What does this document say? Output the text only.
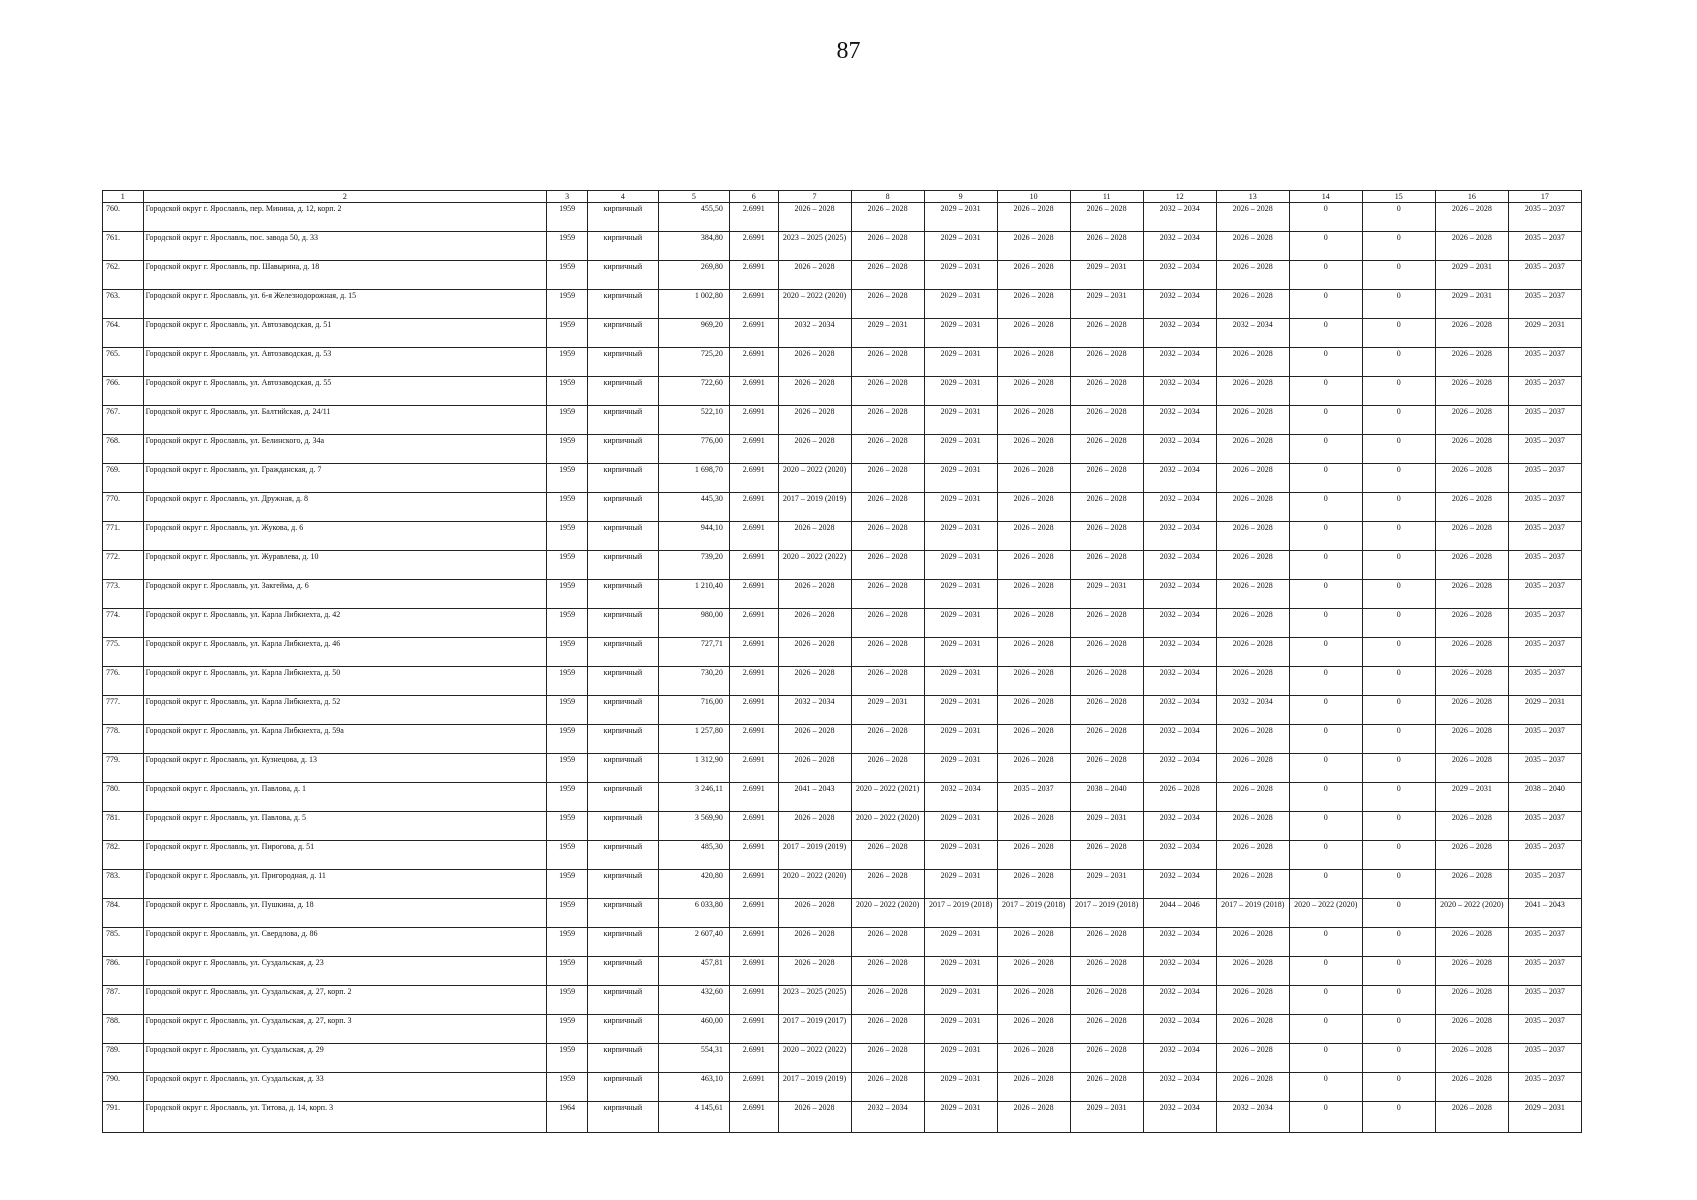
87
1	2	3	4	5	6	7	8	9	10	11	12	13	14	15	16	17
760.	Городской округ г. Ярославль, пер. Минина, д. 12, корп. 2	1959	кирпичный	455,50	2.6991	2026 – 2028	2026 – 2028	2029 – 2031	2026 – 2028	2026 – 2028	2032 – 2034	2026 – 2028	0	0	2026 – 2028	2035 – 2037
761.	Городской округ г. Ярославль, пос. завода 50, д. 33	1959	кирпичный	384,80	2.6991	2023 – 2025 (2025)	2026 – 2028	2029 – 2031	2026 – 2028	2026 – 2028	2032 – 2034	2026 – 2028	0	0	2026 – 2028	2035 – 2037
762.	Городской округ г. Ярославль, пр. Шавырина, д. 18	1959	кирпичный	269,80	2.6991	2026 – 2028	2026 – 2028	2029 – 2031	2026 – 2028	2029 – 2031	2032 – 2034	2026 – 2028	0	0	2029 – 2031	2035 – 2037
763.	Городской округ г. Ярославль, ул. 6-я Железнодорожная, д. 15	1959	кирпичный	1 002,80	2.6991	2020 – 2022 (2020)	2026 – 2028	2029 – 2031	2026 – 2028	2029 – 2031	2032 – 2034	2026 – 2028	0	0	2029 – 2031	2035 – 2037
764.	Городской округ г. Ярославль, ул. Автозаводская, д. 51	1959	кирпичный	969,20	2.6991	2032 – 2034	2029 – 2031	2029 – 2031	2026 – 2028	2026 – 2028	2032 – 2034	2032 – 2034	0	0	2026 – 2028	2029 – 2031
765.	Городской округ г. Ярославль, ул. Автозаводская, д. 53	1959	кирпичный	725,20	2.6991	2026 – 2028	2026 – 2028	2029 – 2031	2026 – 2028	2026 – 2028	2032 – 2034	2026 – 2028	0	0	2026 – 2028	2035 – 2037
766.	Городской округ г. Ярославль, ул. Автозаводская, д. 55	1959	кирпичный	722,60	2.6991	2026 – 2028	2026 – 2028	2029 – 2031	2026 – 2028	2026 – 2028	2032 – 2034	2026 – 2028	0	0	2026 – 2028	2035 – 2037
767.	Городской округ г. Ярославль, ул. Балтийская, д. 24/11	1959	кирпичный	522,10	2.6991	2026 – 2028	2026 – 2028	2029 – 2031	2026 – 2028	2026 – 2028	2032 – 2034	2026 – 2028	0	0	2026 – 2028	2035 – 2037
768.	Городской округ г. Ярославль, ул. Белинского, д. 34а	1959	кирпичный	776,00	2.6991	2026 – 2028	2026 – 2028	2029 – 2031	2026 – 2028	2026 – 2028	2032 – 2034	2026 – 2028	0	0	2026 – 2028	2035 – 2037
769.	Городской округ г. Ярославль, ул. Гражданская, д. 7	1959	кирпичный	1 698,70	2.6991	2020 – 2022 (2020)	2026 – 2028	2029 – 2031	2026 – 2028	2026 – 2028	2032 – 2034	2026 – 2028	0	0	2026 – 2028	2035 – 2037
770.	Городской округ г. Ярославль, ул. Дружная, д. 8	1959	кирпичный	445,30	2.6991	2017 – 2019 (2019)	2026 – 2028	2029 – 2031	2026 – 2028	2026 – 2028	2032 – 2034	2026 – 2028	0	0	2026 – 2028	2035 – 2037
771.	Городской округ г. Ярославль, ул. Жукова, д. 6	1959	кирпичный	944,10	2.6991	2026 – 2028	2026 – 2028	2029 – 2031	2026 – 2028	2026 – 2028	2032 – 2034	2026 – 2028	0	0	2026 – 2028	2035 – 2037
772.	Городской округ г. Ярославль, ул. Журавлева, д. 10	1959	кирпичный	739,20	2.6991	2020 – 2022 (2022)	2026 – 2028	2029 – 2031	2026 – 2028	2026 – 2028	2032 – 2034	2026 – 2028	0	0	2026 – 2028	2035 – 2037
773.	Городской округ г. Ярославль, ул. Закгейма, д. 6	1959	кирпичный	1 210,40	2.6991	2026 – 2028	2026 – 2028	2029 – 2031	2026 – 2028	2029 – 2031	2032 – 2034	2026 – 2028	0	0	2026 – 2028	2035 – 2037
774.	Городской округ г. Ярославль, ул. Карла Либкнехта, д. 42	1959	кирпичный	980,00	2.6991	2026 – 2028	2026 – 2028	2029 – 2031	2026 – 2028	2026 – 2028	2032 – 2034	2026 – 2028	0	0	2026 – 2028	2035 – 2037
775.	Городской округ г. Ярославль, ул. Карла Либкнехта, д. 46	1959	кирпичный	727,71	2.6991	2026 – 2028	2026 – 2028	2029 – 2031	2026 – 2028	2026 – 2028	2032 – 2034	2026 – 2028	0	0	2026 – 2028	2035 – 2037
776.	Городской округ г. Ярославль, ул. Карла Либкнехта, д. 50	1959	кирпичный	730,20	2.6991	2026 – 2028	2026 – 2028	2029 – 2031	2026 – 2028	2026 – 2028	2032 – 2034	2026 – 2028	0	0	2026 – 2028	2035 – 2037
777.	Городской округ г. Ярославль, ул. Карла Либкнехта, д. 52	1959	кирпичный	716,00	2.6991	2032 – 2034	2029 – 2031	2029 – 2031	2026 – 2028	2026 – 2028	2032 – 2034	2032 – 2034	0	0	2026 – 2028	2029 – 2031
778.	Городской округ г. Ярославль, ул. Карла Либкнехта, д. 59а	1959	кирпичный	1 257,80	2.6991	2026 – 2028	2026 – 2028	2029 – 2031	2026 – 2028	2026 – 2028	2032 – 2034	2026 – 2028	0	0	2026 – 2028	2035 – 2037
779.	Городской округ г. Ярославль, ул. Кузнецова, д. 13	1959	кирпичный	1 312,90	2.6991	2026 – 2028	2026 – 2028	2029 – 2031	2026 – 2028	2026 – 2028	2032 – 2034	2026 – 2028	0	0	2026 – 2028	2035 – 2037
780.	Городской округ г. Ярославль, ул. Павлова, д. 1	1959	кирпичный	3 246,11	2.6991	2041 – 2043	2020 – 2022 (2021)	2032 – 2034	2035 – 2037	2038 – 2040	2026 – 2028	2026 – 2028	0	0	2029 – 2031	2038 – 2040
781.	Городской округ г. Ярославль, ул. Павлова, д. 5	1959	кирпичный	3 569,90	2.6991	2026 – 2028	2020 – 2022 (2020)	2029 – 2031	2026 – 2028	2029 – 2031	2032 – 2034	2026 – 2028	0	0	2026 – 2028	2035 – 2037
782.	Городской округ г. Ярославль, ул. Пирогова, д. 51	1959	кирпичный	485,30	2.6991	2017 – 2019 (2019)	2026 – 2028	2029 – 2031	2026 – 2028	2026 – 2028	2032 – 2034	2026 – 2028	0	0	2026 – 2028	2035 – 2037
783.	Городской округ г. Ярославль, ул. Пригородная, д. 11	1959	кирпичный	420,80	2.6991	2020 – 2022 (2020)	2026 – 2028	2029 – 2031	2026 – 2028	2029 – 2031	2032 – 2034	2026 – 2028	0	0	2026 – 2028	2035 – 2037
784.	Городской округ г. Ярославль, ул. Пушкина, д. 18	1959	кирпичный	6 033,80	2.6991	2026 – 2028	2020 – 2022 (2020)	2017 – 2019 (2018)	2017 – 2019 (2018)	2017 – 2019 (2018)	2044 – 2046	2017 – 2019 (2018)	2020 – 2022 (2020)	0	2020 – 2022 (2020)	2041 – 2043
785.	Городской округ г. Ярославль, ул. Свердлова, д. 86	1959	кирпичный	2 607,40	2.6991	2026 – 2028	2026 – 2028	2029 – 2031	2026 – 2028	2026 – 2028	2032 – 2034	2026 – 2028	0	0	2026 – 2028	2035 – 2037
786.	Городской округ г. Ярославль, ул. Суздальская, д. 23	1959	кирпичный	457,81	2.6991	2026 – 2028	2026 – 2028	2029 – 2031	2026 – 2028	2026 – 2028	2032 – 2034	2026 – 2028	0	0	2026 – 2028	2035 – 2037
787.	Городской округ г. Ярославль, ул. Суздальская, д. 27, корп. 2	1959	кирпичный	432,60	2.6991	2023 – 2025 (2025)	2026 – 2028	2029 – 2031	2026 – 2028	2026 – 2028	2032 – 2034	2026 – 2028	0	0	2026 – 2028	2035 – 2037
788.	Городской округ г. Ярославль, ул. Суздальская, д. 27, корп. 3	1959	кирпичный	460,00	2.6991	2017 – 2019 (2017)	2026 – 2028	2029 – 2031	2026 – 2028	2026 – 2028	2032 – 2034	2026 – 2028	0	0	2026 – 2028	2035 – 2037
789.	Городской округ г. Ярославль, ул. Суздальская, д. 29	1959	кирпичный	554,31	2.6991	2020 – 2022 (2022)	2026 – 2028	2029 – 2031	2026 – 2028	2026 – 2028	2032 – 2034	2026 – 2028	0	0	2026 – 2028	2035 – 2037
790.	Городской округ г. Ярославль, ул. Суздальская, д. 33	1959	кирпичный	463,10	2.6991	2017 – 2019 (2019)	2026 – 2028	2029 – 2031	2026 – 2028	2026 – 2028	2032 – 2034	2026 – 2028	0	0	2026 – 2028	2035 – 2037
791.	Городской округ г. Ярославль, ул. Титова, д. 14, корп. 3	1964	кирпичный	4 145,61	2.6991	2026 – 2028	2032 – 2034	2029 – 2031	2026 – 2028	2029 – 2031	2032 – 2034	2032 – 2034	0	0	2026 – 2028	2029 – 2031
